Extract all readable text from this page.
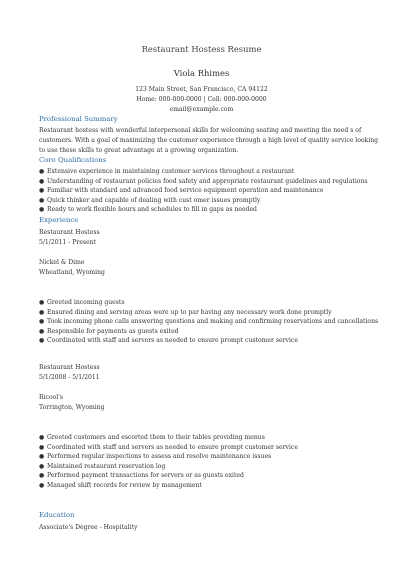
Restaurant Hostess Resume
Viola Rhimes
123 Main Street, San Francisco, CA 94122
Home: 000-000-0000 | Cell: 000-000-0000
email@example.com
Professional Summary
Restaurant hostess with wonderful interpersonal skills for welcoming seating and meeting the need s of
customers. With a goal of maximizing the customer experience through a high level of quality service looking
to use these skills to great advantage at a growing organization.
Core Qualifications
● Extensive experience in maintaining customer services throughout a restaurant
● Understanding of restaurant policies food safety and appropriate restaurant guidelines and regulations
● Familiar with standard and advanced food service equipment operation and maintenance
● Quick thinker and capable of dealing with cust omer issues promptly
● Ready to work flexible hours and schedules to fill in gaps as needed
Experience
Restaurant Hostess
5/1/2011 - Present
Nickel & Dime
Wheatland, Wyoming
● Greeted incoming guests
● Ensured dining and serving areas were up to par having any necessary work done promptly
● Took incoming phone calls answering questions and making and confirming reservations and cancellations
● Responsible for payments as guests exited
● Coordinated with staff and servers as needed to ensure prompt customer service
Restaurant Hostess
5/1/2008 - 5/1/2011
Ricool's
Torrington, Wyoming
● Greeted customers and escorted them to their tables providing menus
● Coordinated with staff and servers as needed to ensure prompt customer service
● Performed regular inspections to assess and resolve maintenance issues
● Maintained restaurant reservation log
● Performed payment transactions for servers or as guests exited
● Managed shift records for review by management
Education
Associate's Degree - Hospitality
